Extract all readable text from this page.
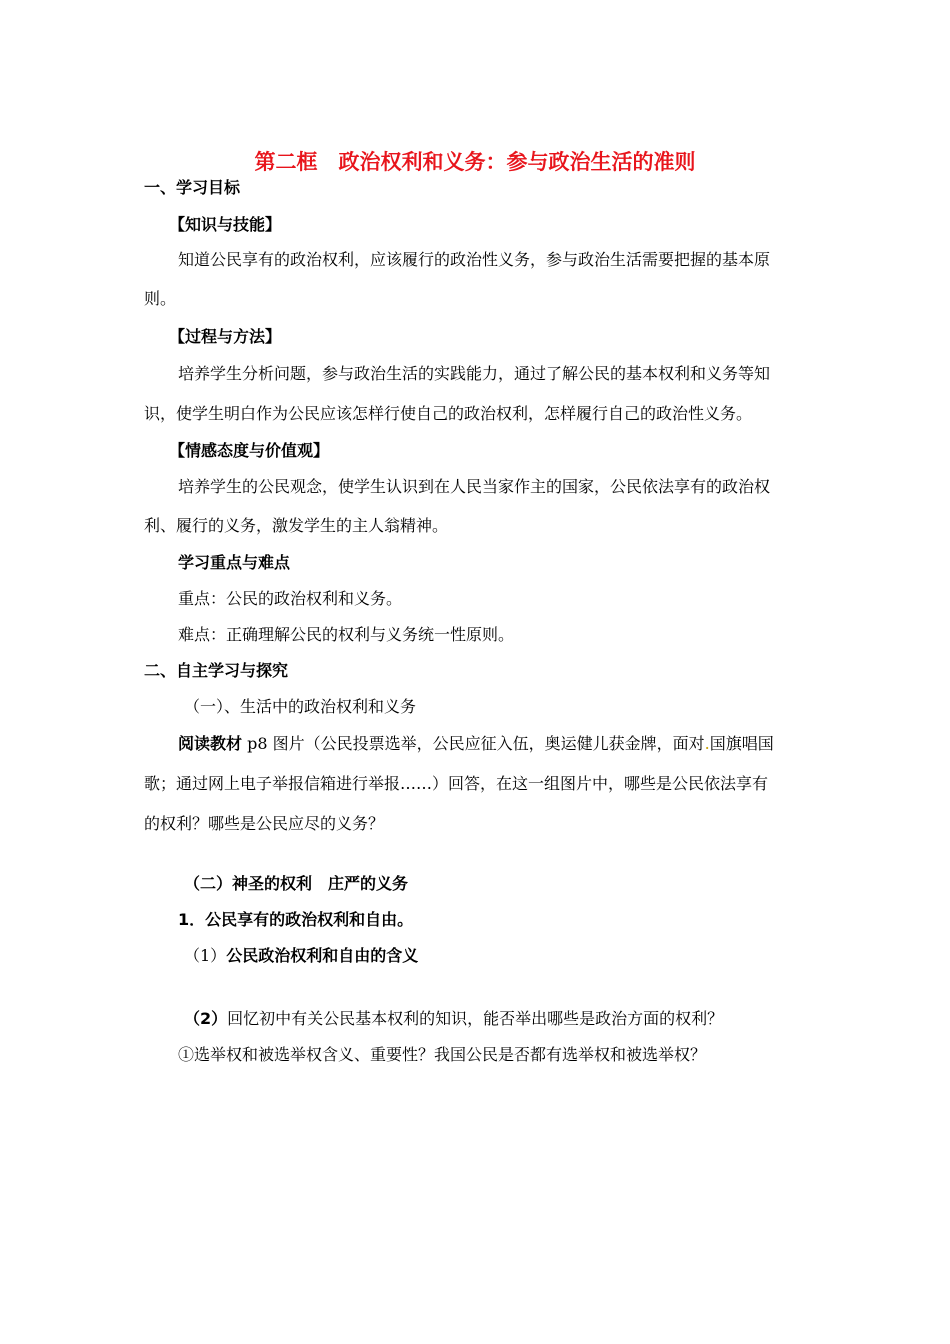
第二框　政治权利和义务：参与政治生活的准则
一、学习目标
【知识与技能】
知道公民享有的政治权利，应该履行的政治性义务，参与政治生活需要把握的基本原
则。
【过程与方法】
培养学生分析问题，参与政治生活的实践能力，通过了解公民的基本权利和义务等知
识，使学生明白作为公民应该怎样行使自己的政治权利，怎样履行自己的政治性义务。
【情感态度与价值观】
培养学生的公民观念，使学生认识到在人民当家作主的国家，公民依法享有的政治权
利、履行的义务，激发学生的主人翁精神。
学习重点与难点
重点：公民的政治权利和义务。
难点：正确理解公民的权利与义务统一性原则。
二、自主学习与探究
（一）、生活中的政治权利和义务
阅读教材 p8 图片（公民投票选举，公民应征入伍，奥运健儿获金牌，面对.国旗唱国
歌；通过网上电子举报信箱进行举报……）回答，在这一组图片中，哪些是公民依法享有
的权利？哪些是公民应尽的义务？
（二）神圣的权利　庄严的义务
1．公民享有的政治权利和自由。
（1）公民政治权利和自由的含义
（2）回忆初中有关公民基本权利的知识，能否举出哪些是政治方面的权利？
①选举权和被选举权含义、重要性？我国公民是否都有选举权和被选举权？
